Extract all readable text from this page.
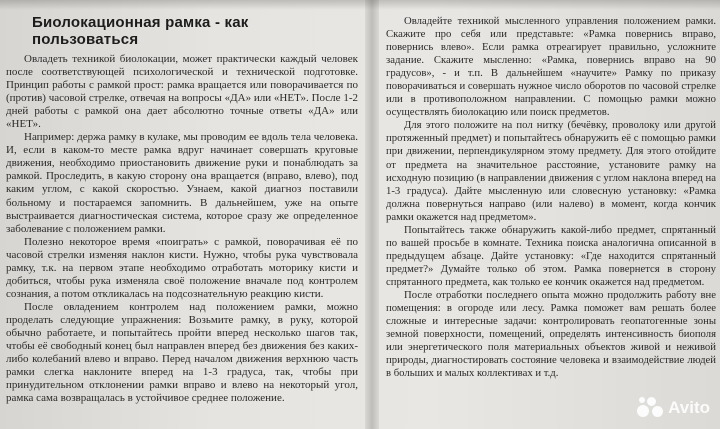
Биолокационная рамка - как пользоваться

Овладеть техникой биолокации, может практически каждый человек после соответствующей психологической и технической подготовке. Принцип работы с рамкой прост: рамка вращается или поворачивается по (против) часовой стрелке, отвечая на вопросы «ДА» или «НЕТ». После 1-2 дней работы с рамкой она дает абсолютно точные ответы «ДА» или «НЕТ».

Например: держа рамку в кулаке, мы проводим ее вдоль тела человека. И, если в каком-то месте рамка вдруг начинает совершать круговые движения, необходимо приостановить движение руки и понаблюдать за рамкой. Проследить, в какую сторону она вращается (вправо, влево), под каким углом, с какой скоростью. Узнаем, какой диагноз поставили больному и постараемся запомнить. В дальнейшем, уже на опыте выстраивается диагностическая система, которое сразу же определенное заболевание с положением рамки.

Полезно некоторое время «поиграть» с рамкой, поворачивая её по часовой стрелки изменяя наклон кисти. Нужно, чтобы рука чувствовала рамку, т.к. на первом этапе необходимо отработать моторику кисти и добиться, чтобы рука изменяла своё положение вначале под контролем сознания, а потом откликалась на подсознательную реакцию кисти.

После овладением контролем над положением рамки, можно проделать следующие упражнения: Возьмите рамку, в руку, которой обычно работаете, и попытайтесь пройти вперед несколько шагов так, чтобы её свободный конец был направлен вперед без движения без каких-либо колебаний влево и вправо. Перед началом движения верхнюю часть рамки слегка наклоните вперед на 1-3 градуса, так, чтобы при принудительном отклонении рамки вправо и влево на некоторый угол, рамка сама возвращалась в устойчивое среднее положение.

Овладейте техникой мысленного управления положением рамки. Скажите про себя или представьте: «Рамка повернись вправо, повернись влево». Если рамка отреагирует правильно, усложните задание. Скажите мысленно: «Рамка, повернись вправо на 90 градусов», - и т.п. В дальнейшем «научите» Рамку по приказу поворачиваться и совершать нужное число оборотов по часовой стрелке или в противоположном направлении. С помощью рамки можно осуществлять биолокацию или поиск предметов.

Для этого положите на пол нитку (бечёвку, проволоку или другой протяженный предмет) и попытайтесь обнаружить её с помощью рамки при движении, перпендикулярном этому предмету. Для этого отойдите от предмета на значительное расстояние, установите рамку на исходную позицию (в направлении движения с углом наклона вперед на 1-3 градуса). Дайте мысленную или словесную установку: «Рамка должна повернуться направо (или налево) в момент, когда кончик рамки окажется над предметом».

Попытайтесь также обнаружить какой-либо предмет, спрятанный по вашей просьбе в комнате. Техника поиска аналогична описанной в предыдущем абзаце. Дайте установку: «Где находится спрятанный предмет?» Думайте только об этом. Рамка повернется в сторону спрятанного предмета, как только ее кончик окажется над предметом.

После отработки последнего опыта можно продолжить работу вне помещения: в огороде или лесу. Рамка поможет вам решать более сложные и интересные задачи: контролировать геопатогенные зоны земной поверхности, помещений, определять интенсивность биополя или энергетического поля материальных объектов живой и неживой природы, диагностировать состояние человека и взаимодействие людей в больших и малых коллективах и т.д.

Avito
